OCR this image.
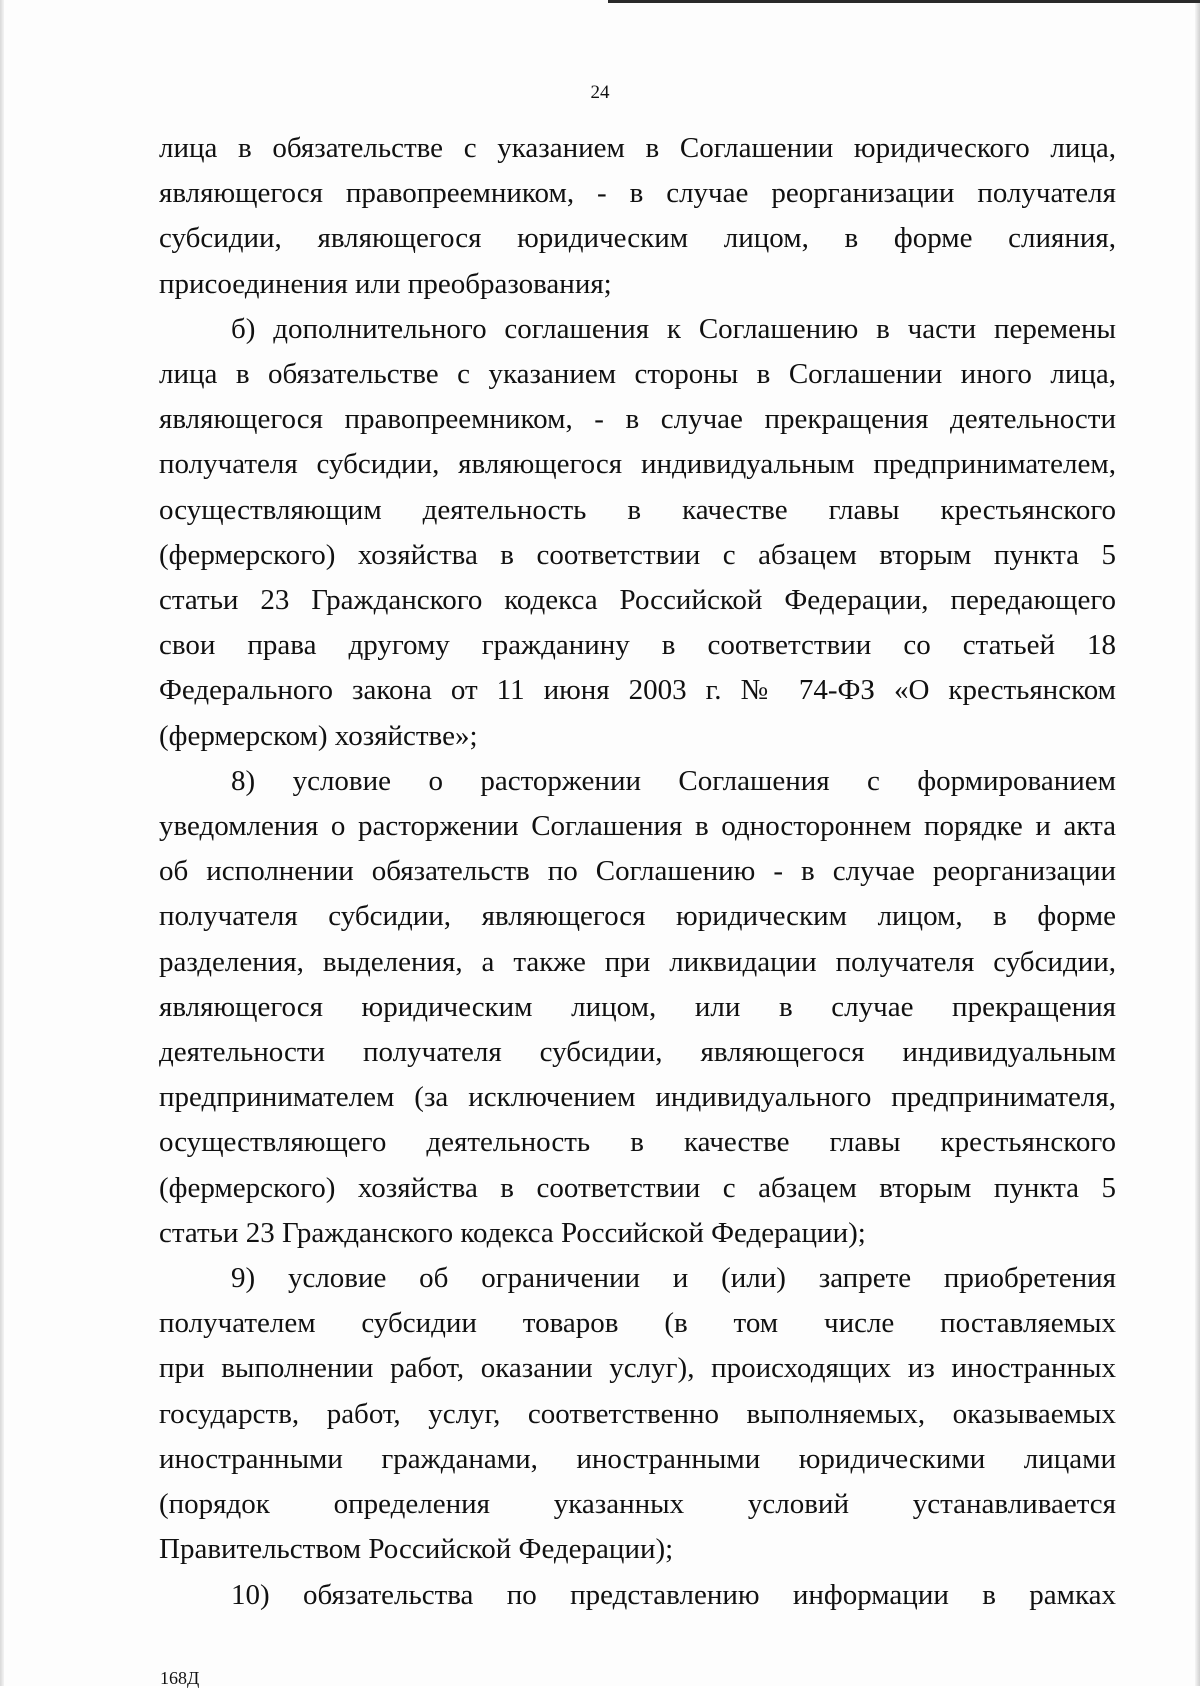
24

лица в обязательстве с указанием в Соглашении юридического лица,

являющегося правопреемником, - в случае реорганизации получателя

субсидии, являющегося юридическим лицом, в форме слияния,

присоединения или преобразования;

б) дополнительного соглашения к Соглашению в части перемены

лица в обязательстве с указанием стороны в Соглашении иного лица,

являющегося правопреемником, - в случае прекращения деятельности

получателя субсидии, являющегося индивидуальным предпринимателем,

осуществляющим деятельность в качестве главы крестьянского

(фермерского) хозяйства в соответствии с абзацем вторым пункта 5

статьи 23 Гражданского кодекса Российской Федерации, передающего

свои права другому гражданину в соответствии со статьей 18

Федерального закона от 11 июня 2003 г. № 74-ФЗ «О крестьянском

(фермерском) хозяйстве»;

8) условие о расторжении Соглашения с формированием

уведомления о расторжении Соглашения в одностороннем порядке и акта

об исполнении обязательств по Соглашению - в случае реорганизации

получателя субсидии, являющегося юридическим лицом, в форме

разделения, выделения, а также при ликвидации получателя субсидии,

являющегося юридическим лицом, или в случае прекращения

деятельности получателя субсидии, являющегося индивидуальным

предпринимателем (за исключением индивидуального предпринимателя,

осуществляющего деятельность в качестве главы крестьянского

(фермерского) хозяйства в соответствии с абзацем вторым пункта 5

статьи 23 Гражданского кодекса Российской Федерации);

9) условие об ограничении и (или) запрете приобретения

получателем субсидии товаров (в том числе поставляемых

при выполнении работ, оказании услуг), происходящих из иностранных

государств, работ, услуг, соответственно выполняемых, оказываемых

иностранными гражданами, иностранными юридическими лицами

(порядок определения указанных условий устанавливается

Правительством Российской Федерации);

10) обязательства по представлению информации в рамках

168Д
